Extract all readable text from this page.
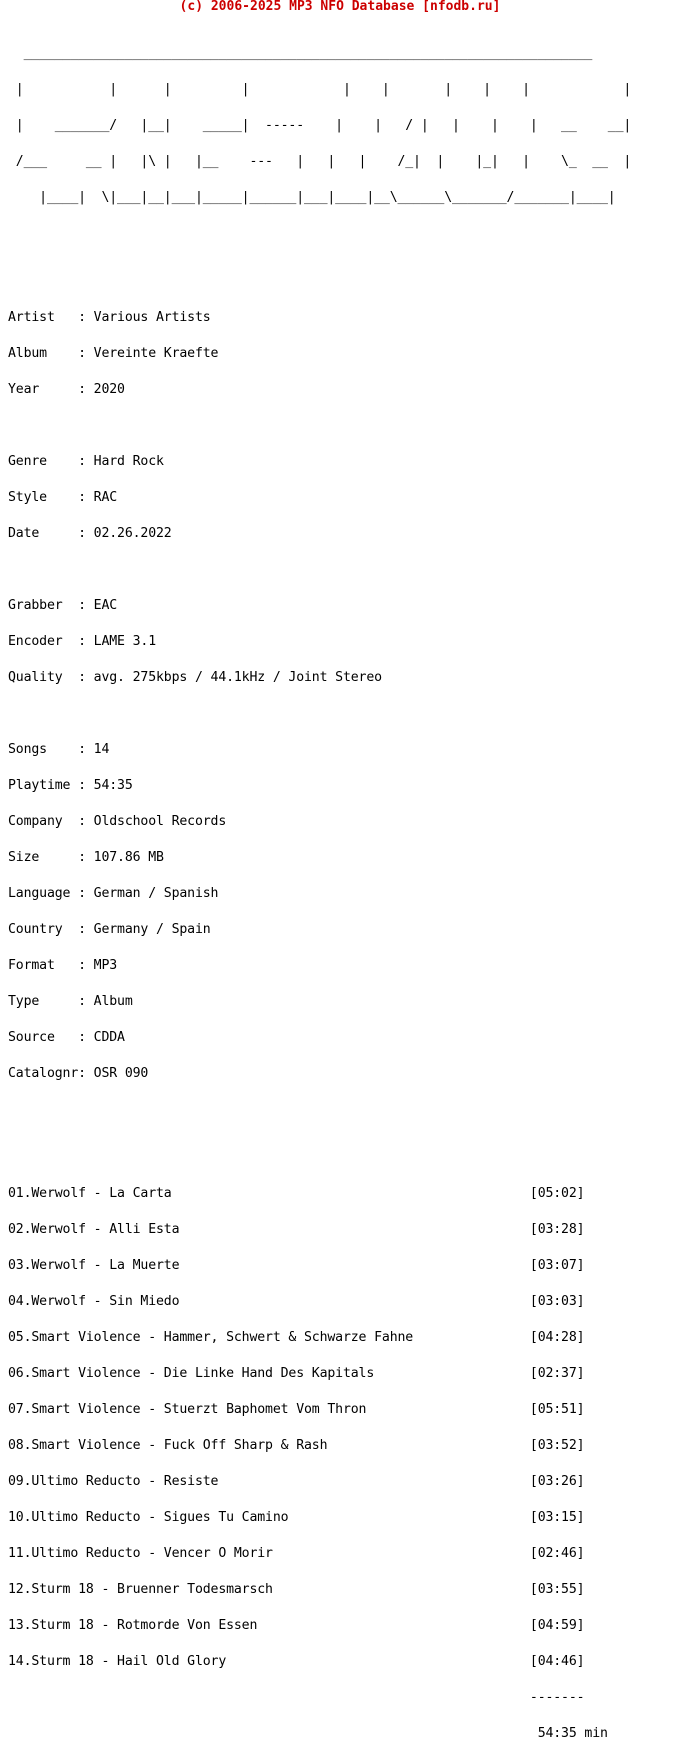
(c) 2006-2025 MP3 NFO Database [nfodb.ru]

_________________________________________________________________________

|           |      |         |            |    |       |    |    |            |

|    _______/   |__|    _____|  -----    |    |   / |   |    |    |   __    __|

/___     __ |   |\ |   |__    ---   |   |   |    /_|  |    |_|   |    \_  __  |

|____|  \|___|__|___|_____|______|___|____|__\______\_______/_______|____|

Artist   : Various Artists

Album    : Vereinte Kraefte

Year     : 2020

Genre    : Hard Rock

Style    : RAC

Date     : 02.26.2022

Grabber  : EAC

Encoder  : LAME 3.1

Quality  : avg. 275kbps / 44.1kHz / Joint Stereo

Songs    : 14

Playtime : 54:35

Company  : Oldschool Records

Size     : 107.86 MB

Language : German / Spanish

Country  : Germany / Spain

Format   : MP3

Type     : Album

Source   : CDDA

Catalognr: OSR 090

01.Werwolf - La Carta                                              [05:02]

02.Werwolf - Alli Esta                                             [03:28]

03.Werwolf - La Muerte                                             [03:07]

04.Werwolf - Sin Miedo                                             [03:03]

05.Smart Violence - Hammer, Schwert & Schwarze Fahne               [04:28]

06.Smart Violence - Die Linke Hand Des Kapitals                    [02:37]

07.Smart Violence - Stuerzt Baphomet Vom Thron                     [05:51]

08.Smart Violence - Fuck Off Sharp & Rash                          [03:52]

09.Ultimo Reducto - Resiste                                        [03:26]

10.Ultimo Reducto - Sigues Tu Camino                               [03:15]

11.Ultimo Reducto - Vencer O Morir                                 [02:46]

12.Sturm 18 - Bruenner Todesmarsch                                 [03:55]

13.Sturm 18 - Rotmorde Von Essen                                   [04:59]

14.Sturm 18 - Hail Old Glory                                       [04:46]

-------

54:35 min
